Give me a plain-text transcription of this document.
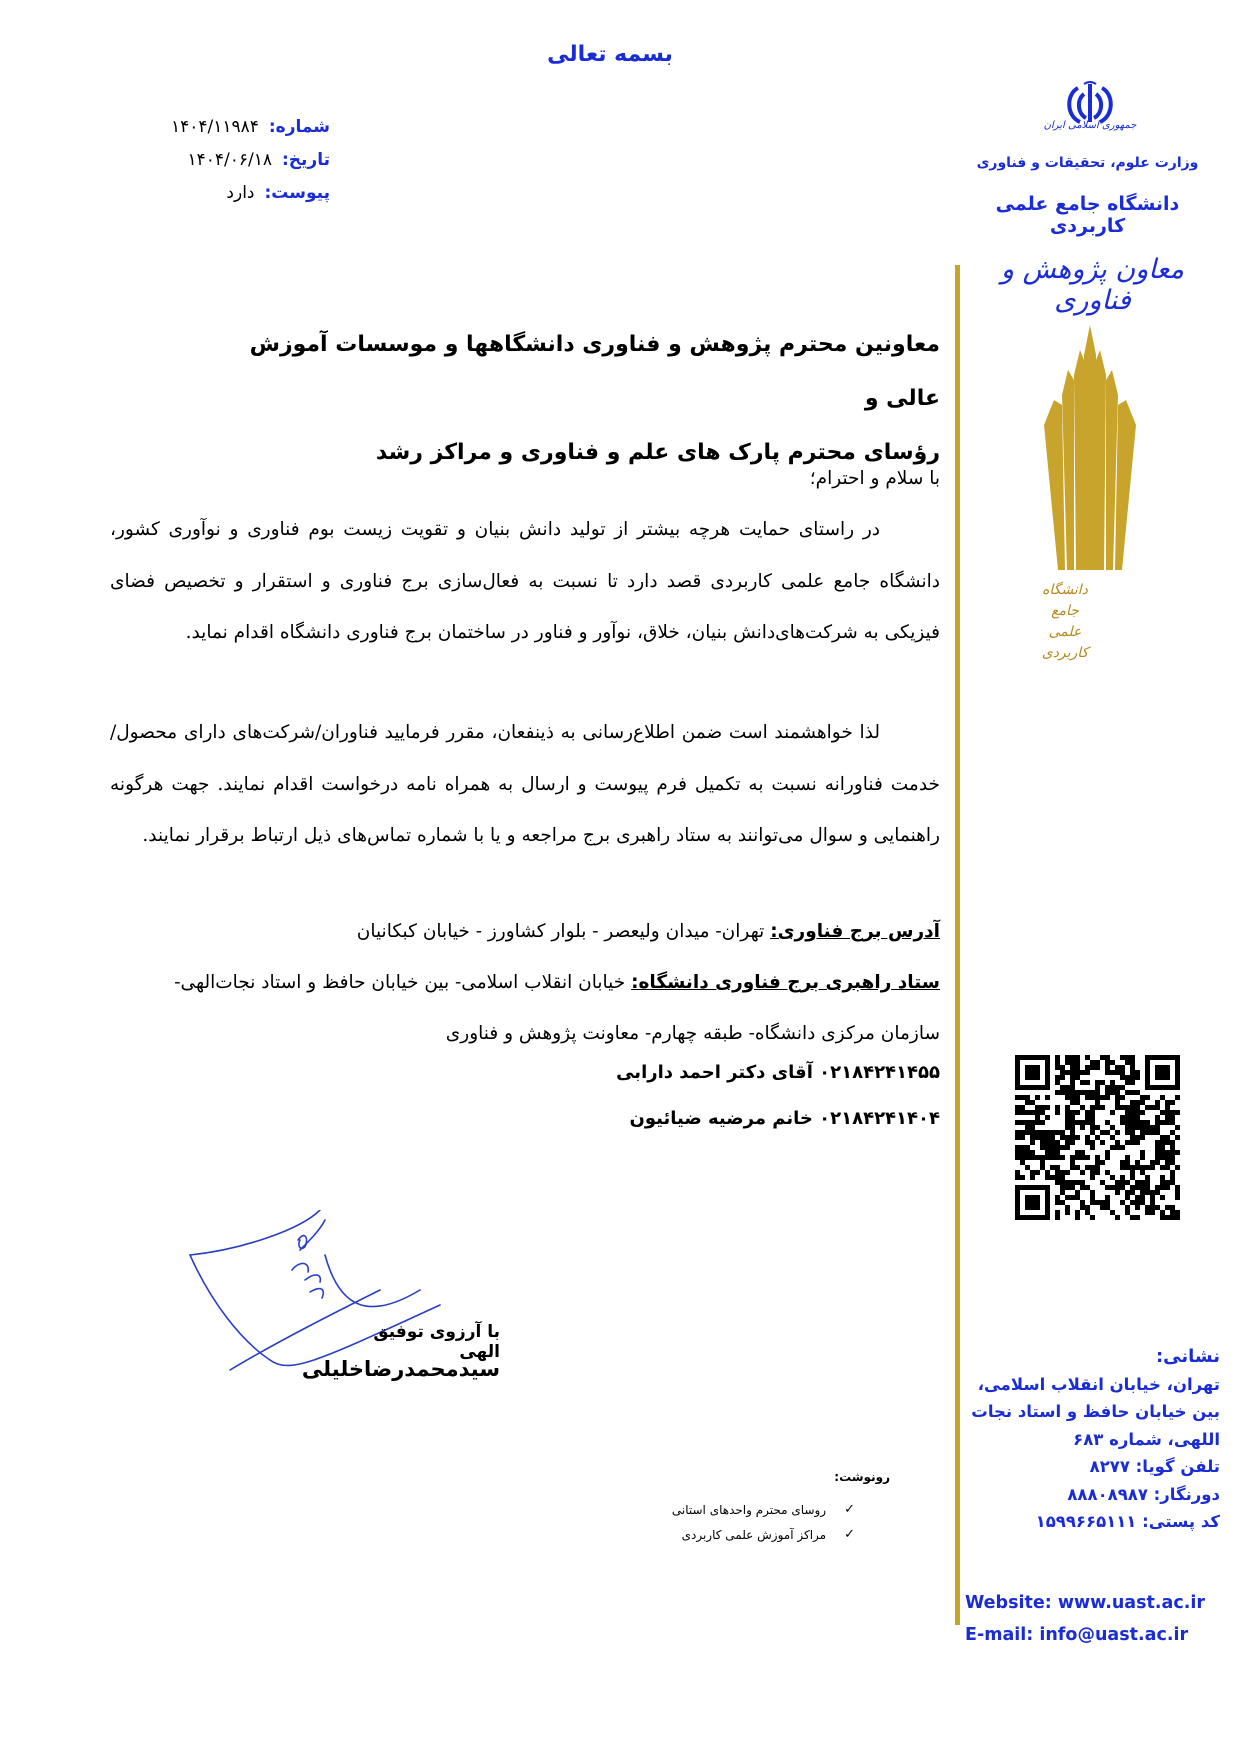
بسمه تعالی
شماره:
۱۴۰۴/۱۱۹۸۴
تاریخ:
۱۴۰۴/۰۶/۱۸
پیوست:
دارد
جمهوری اسلامی ایران
وزارت علوم، تحقیقات و فناوری
دانشگاه جامع علمی کاربردی
معاون پژوهش و فناوری
دانشگاه جامع
علمی کاربردی
معاونین محترم پژوهش و فناوری دانشگاهها و موسسات آموزش عالی و
رؤسای محترم پارک های علم و فناوری و مراکز رشد
با سلام و احترام؛

در راستای حمایت هرچه بیشتر از تولید دانش بنیان و تقویت زیست بوم فناوری و نوآوری کشور، دانشگاه جامع علمی کاربردی قصد دارد تا نسبت به فعال‌سازی برج فناوری و استقرار و تخصیص فضای فیزیکی به شرکت‌های‌دانش بنیان، خلاق، نوآور و فناور در ساختمان برج فناوری دانشگاه اقدام نماید.

لذا خواهشمند است ضمن اطلاع‌رسانی به ذینفعان، مقرر فرمایید فناوران/شرکت‌های دارای محصول/خدمت فناورانه نسبت به تکمیل فرم پیوست و ارسال به همراه نامه درخواست اقدام نمایند. جهت هرگونه راهنمایی و سوال می‌توانند به ستاد راهبری برج مراجعه و یا با شماره تماس‌های ذیل ارتباط برقرار نمایند.

آدرس برج فناوری: تهران- میدان ولیعصر - بلوار کشاورز - خیابان کبکانیان
ستاد راهبری برج فناوری دانشگاه: خیابان انقلاب اسلامی- بین خیابان حافظ و استاد نجات‌الهی-
سازمان مرکزی دانشگاه- طبقه چهارم- معاونت پژوهش و فناوری
۰۲۱۸۴۲۴۱۴۵۵ آقای دکتر احمد دارابی
۰۲۱۸۴۲۴۱۴۰۴ خانم مرضیه ضیائیون
با آرزوی توفیق الهی
سیدمحمدرضاخلیلی
رونوشت:
✓
روسای محترم واحدهای استانی
✓
مراکز آموزش علمی کاربردی
نشانی:
تهران، خیابان انقلاب اسلامی،
بین خیابان حافظ و استاد نجات
اللهی، شماره ۶۸۳
تلفن گویا: ۸۲۷۷
دورنگار: ۸۸۸۰۸۹۸۷
کد پستی: ۱۵۹۹۶۶۵۱۱۱
Website: www.uast.ac.ir
E-mail: info@uast.ac.ir
